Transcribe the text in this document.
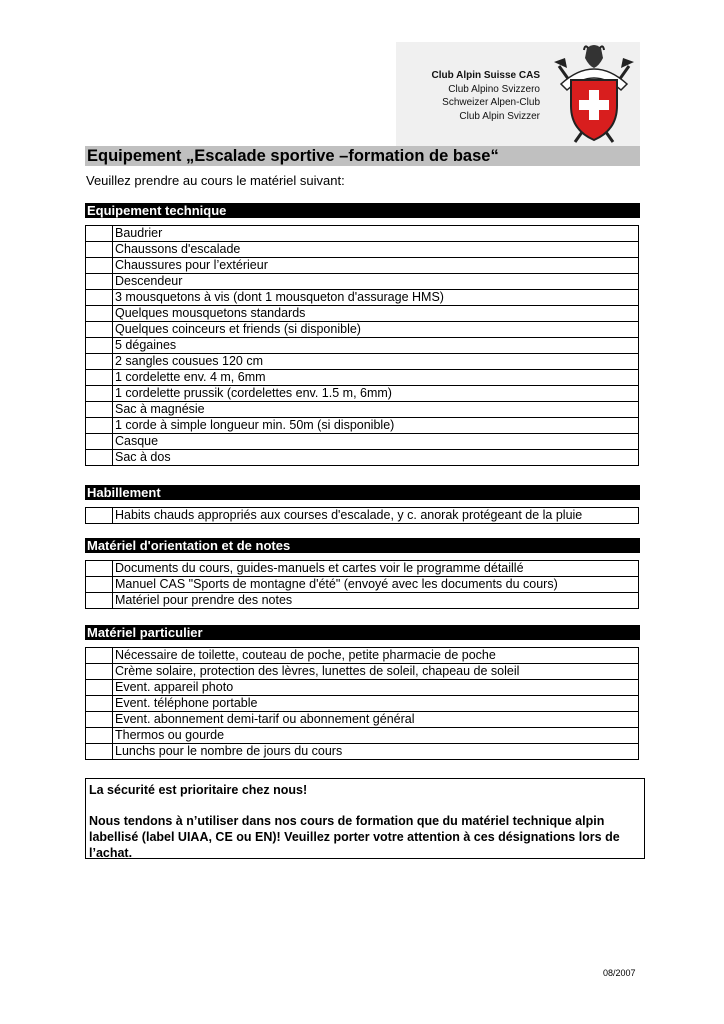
Club Alpin Suisse CAS
Club Alpino Svizzero
Schweizer Alpen-Club
Club Alpin Svizzer
Equipement „Escalade sportive –formation de base“
Veuillez prendre au cours le matériel suivant:
Equipement technique
	Baudrier
	Chaussons d'escalade
	Chaussures pour l’extérieur
	Descendeur
	3 mousquetons à vis (dont 1 mousqueton d'assurage HMS)
	Quelques mousquetons standards
	Quelques coinceurs et friends (si disponible)
	5 dégaines
	2 sangles cousues 120 cm
	1 cordelette env. 4 m, 6mm
	1 cordelette prussik (cordelettes env. 1.5 m, 6mm)
	Sac à magnésie
	1 corde à simple longueur min. 50m (si disponible)
	Casque
	Sac à dos
Habillement
	Habits chauds appropriés aux courses d'escalade, y c. anorak protégeant de la pluie
Matériel d'orientation et de notes
	Documents du cours, guides-manuels et cartes voir le programme détaillé
	Manuel CAS "Sports de montagne d'été" (envoyé avec les documents du cours)
	Matériel pour prendre des notes
Matériel particulier
	Nécessaire de toilette, couteau de poche, petite pharmacie de poche
	Crème solaire, protection des lèvres, lunettes de soleil, chapeau de soleil
	Event. appareil photo
	Event. téléphone portable
	Event. abonnement demi-tarif ou abonnement général
	Thermos ou gourde
	Lunchs pour le nombre de jours du cours

La sécurité est prioritaire chez nous!

Nous tendons à n’utiliser dans nos cours de formation que du matériel technique alpin labellisé (label UIAA, CE ou EN)! Veuillez porter votre attention à ces désignations lors de l’achat.

08/2007
